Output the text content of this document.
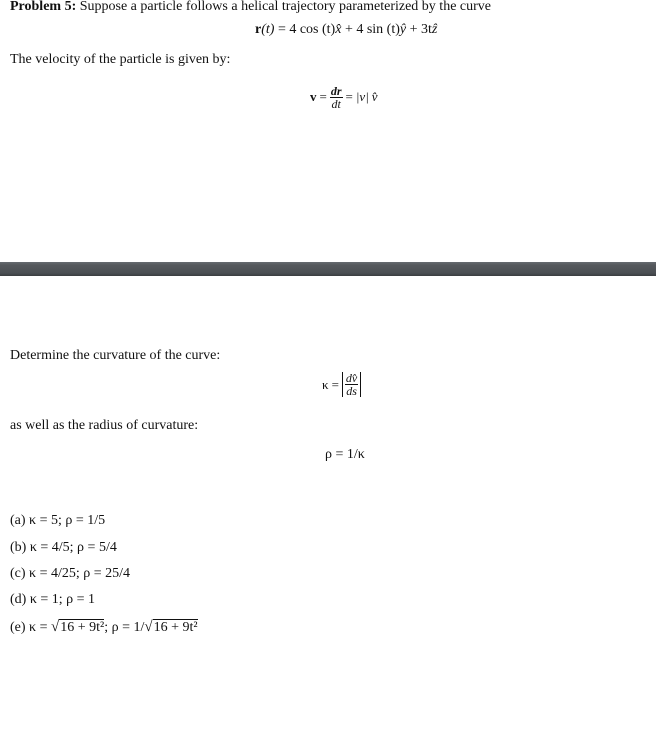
Problem 5: Suppose a particle follows a helical trajectory parameterized by the curve
r(t) = 4 cos (t)x̂ + 4 sin (t)ŷ + 3tẑ
The velocity of the particle is given by:
$v = \frac{dr}{dt} = |v|$ v̂
Determine the curvature of the curve:
$\kappa = \frac{dv̂}{ds}$
as well as the radius of curvature:
ρ = 1/κ
(a) κ = 5; ρ = 1/5
(b) κ = 4/5; ρ = 5/4
(c) κ = 4/25; ρ = 25/4
(d) κ = 1; ρ = 1
(e) κ = √16 + 9t²; ρ = 1/√16 + 9t²
